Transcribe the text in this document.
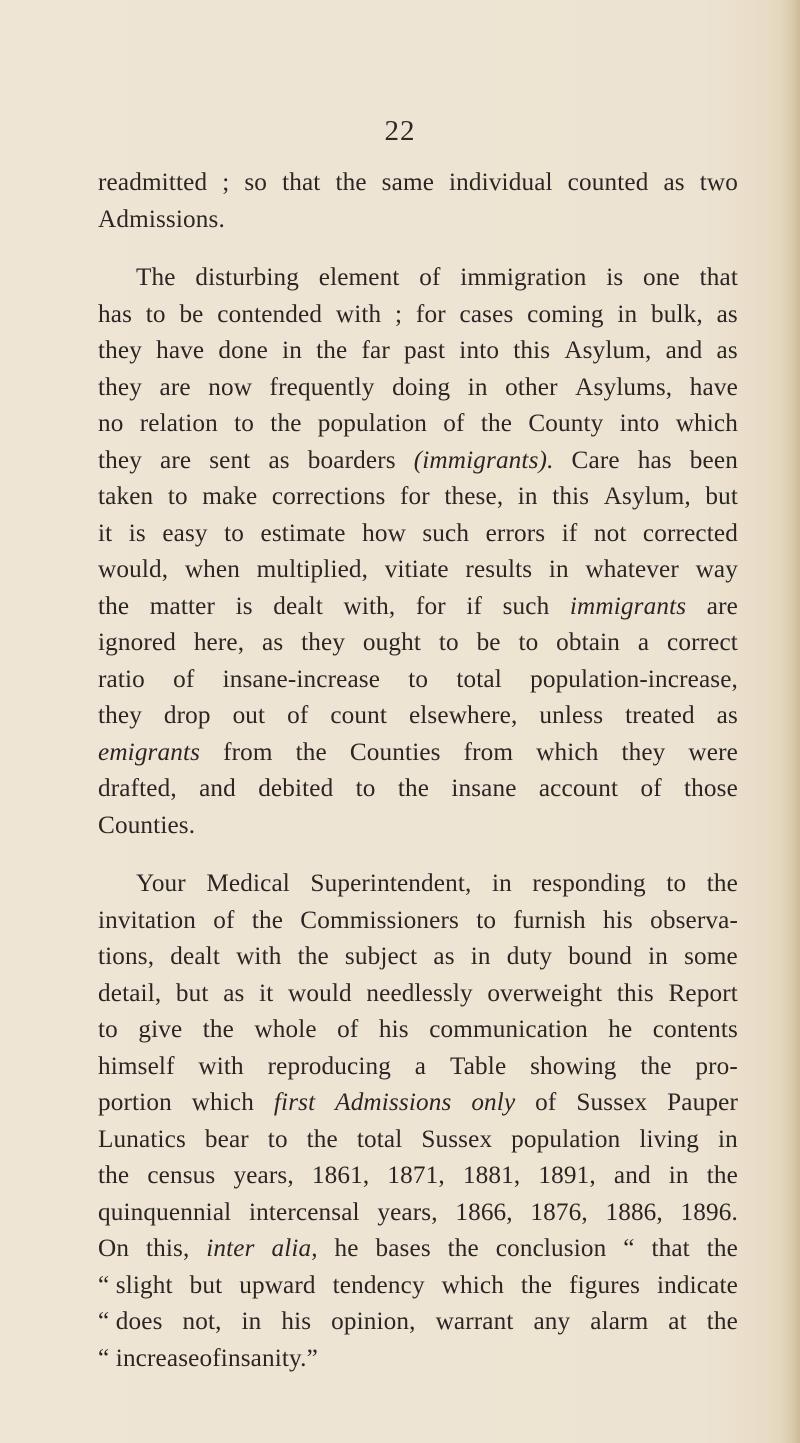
22
readmitted ; so that the same individual counted as two
Admissions.
The disturbing element of immigration is one that
has to be contended with ; for cases coming in bulk, as
they have done in the far past into this Asylum, and as
they are now frequently doing in other Asylums, have
no relation to the population of the County into which
they are sent as boarders (immigrants). Care has been
taken to make corrections for these, in this Asylum, but
it is easy to estimate how such errors if not corrected
would, when multiplied, vitiate results in whatever way
the matter is dealt with, for if such immigrants are
ignored here, as they ought to be to obtain a correct
ratio of insane-increase to total population-increase,
they drop out of count elsewhere, unless treated as
emigrants from the Counties from which they were
drafted, and debited to the insane account of those
Counties.
Your Medical Superintendent, in responding to the
invitation of the Commissioners to furnish his observa-
tions, dealt with the subject as in duty bound in some
detail, but as it would needlessly overweight this Report
to give the whole of his communication he contents
himself with reproducing a Table showing the pro-
portion which first Admissions only of Sussex Pauper
Lunatics bear to the total Sussex population living in
the census years, 1861, 1871, 1881, 1891, and in the
quinquennial intercensal years, 1866, 1876, 1886, 1896.
On this, inter alia, he bases the conclusion “ that the
“ slight but upward tendency which the figures indicate
“ does not, in his opinion, warrant any alarm at the
“ increase of insanity.”
